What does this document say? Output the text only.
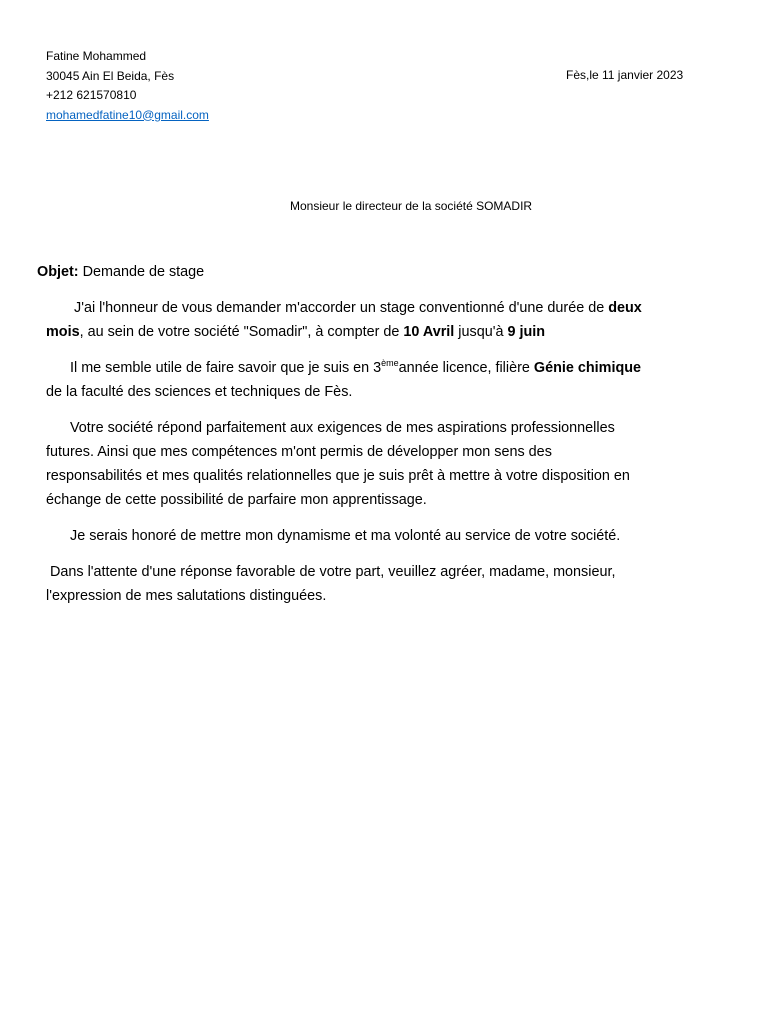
Fatine Mohammed
30045 Ain El Beida, Fès
+212 621570810
mohamedfatine10@gmail.com
Fès,le 11 janvier 2023
Monsieur le directeur de la société SOMADIR
Objet: Demande de stage
J'ai l'honneur de vous demander m'accorder un stage conventionné d'une durée de deux
mois, au sein de votre société "Somadir", à compter de 10 Avril jusqu'à 9 juin
Il me semble utile de faire savoir que je suis en 3èmeannée licence, filière Génie chimique
de la faculté des sciences et techniques de Fès.
Votre société répond parfaitement aux exigences de mes aspirations professionnelles
futures. Ainsi que mes compétences m'ont permis de développer mon sens des
responsabilités et mes qualités relationnelles que je suis prêt à mettre à votre disposition en
échange de cette possibilité de parfaire mon apprentissage.
Je serais honoré de mettre mon dynamisme et ma volonté au service de votre société.
Dans l'attente d'une réponse favorable de votre part, veuillez agréer, madame, monsieur,
l'expression de mes salutations distinguées.
